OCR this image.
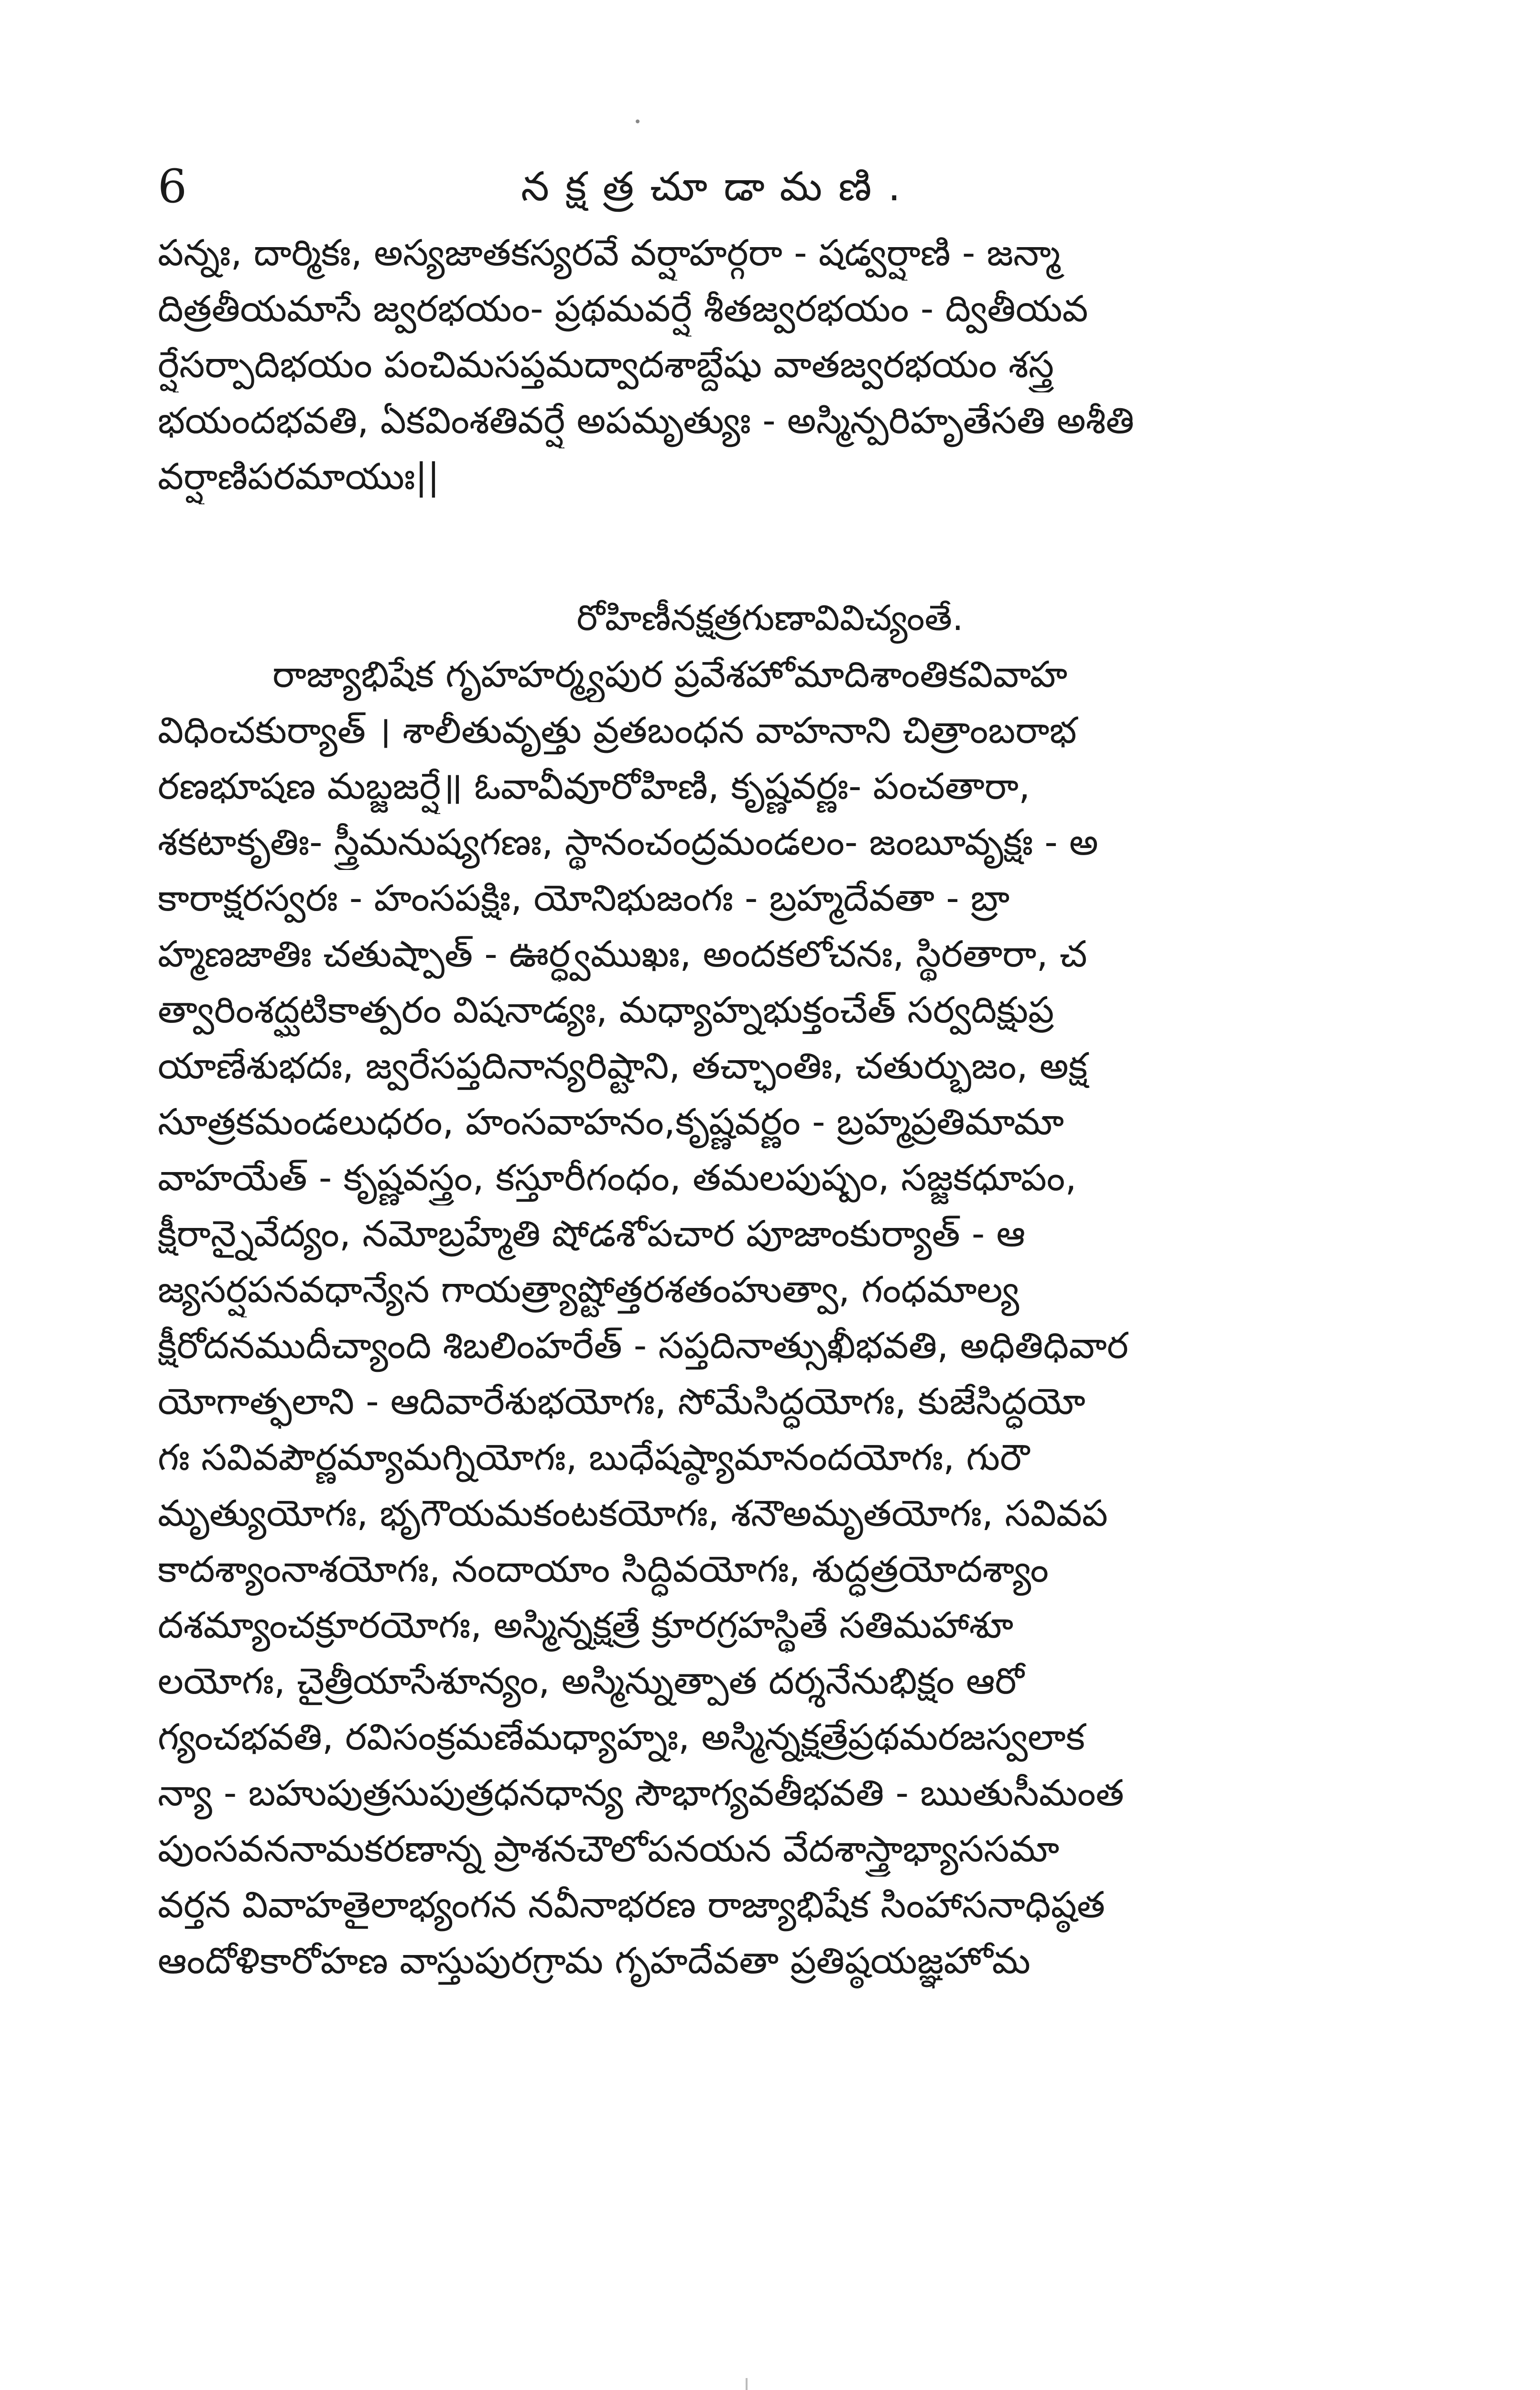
6	నక్షత్రచూడామణి.
పన్నః, దార్మికః, అస్యజాతకస్యరవే వర్షాహర్గరా - షడ్వర్షాణి - జన్మా
దిత్రతీయమాసే జ్వరభయం- ప్రథమవర్షే శీతజ్వరభయం - ద్వితీయవ
ర్షేసర్పాదిభయం పంచిమసప్తమద్వాదశాబ్దేషు వాతజ్వరభయం శస్త్ర
భయందభవతి, ఏకవింశతివర్షే అపమృత్యుః - అస్మిన్పరిహృతేసతి అశీతి
వర్షాణిపరమాయుః||
రోహిణీనక్షత్రగుణావివిచ్యంతే.
రాజ్యాభిషేక గృహహర్మ్యపుర ప్రవేశహోమాదిశాంతికవివాహ
విధించకుర్యాత్ । శాలీతువృత్తు వ్రతబంధన వాహనాని చిత్రాంబరాభ
రణభూషణ మబ్జజర్షే॥ ఓవావీవూరోహిణి, కృష్ణవర్ణః- పంచతారా,
శకటాకృతిః- స్త్రీమనుష్యగణః, స్థానంచంద్రమండలం- జంబూవృక్షః - అ
కారాక్షరస్వరః - హంసపక్షిః, యోనిభుజంగః - బ్రహ్మదేవతా - బ్రా
హ్మణజాతిః చతుష్పాత్ - ఊర్ధ్వముఖః, అందకలోచనః, స్థిరతారా, చ
త్వారింశద్ఘటికాత్పరం విషనాడ్యః, మధ్యాహ్నభుక్తంచేత్ సర్వదిక్షుప్ర
యాణేశుభదః, జ్వరేసప్తదినాన్యరిష్టాని, తచ్ఛాంతిః, చతుర్భుజం, అక్ష
సూత్రకమండలుధరం, హంసవాహనం,కృష్ణవర్ణం - బ్రహ్మప్రతిమామా
వాహయేత్ - కృష్ణవస్త్రం, కస్తూరీగంధం, తమలపుష్పం, సజ్జకధూపం,
క్షీరాన్నైవేద్యం, నమోబ్రహ్మేతి షోడశోపచార పూజాంకుర్యాత్ - ఆ
జ్యసర్షపనవధాన్యేన గాయత్ర్యాష్టోత్తరశతంహుత్వా, గంధమాల్య
క్షీరోదనముదీచ్యాంది శిబలింహరేత్ - సప్తదినాత్సుఖీభవతి, అధితిధివార
యోగాత్ఫలాని - ఆదివారేశుభయోగః, సోమేసిద్ధయోగః, కుజేసిద్ధయో
గః సవివపౌర్ణమ్యామగ్నియోగః, బుధేషష్ఠ్యామానందయోగః, గురౌ
మృత్యుయోగః, భృగౌయమకంటకయోగః, శనౌఅమృతయోగః, సవివప
కాదశ్యాంనాశయోగః, నందాయాం సిద్ధివయోగః, శుద్ధత్రయోదశ్యాం
దశమ్యాంచక్రూరయోగః, అస్మిన్నక్షత్రే క్రూరగ్రహస్థితే సతిమహాశూ
లయోగః, చైత్రీయాసేశూన్యం, అస్మిన్నుత్పాత దర్శనేనుభిక్షం ఆరో
గ్యంచభవతి, రవిసంక్రమణేమధ్యాహ్నః, అస్మిన్నక్షత్రేప్రథమరజస్వలాక
న్యా - బహుపుత్రసుపుత్రధనధాన్య సౌభాగ్యవతీభవతి - ఋతుసీమంత
పుంసవననామకరణాన్న ప్రాశనచౌలోపనయన వేదశాస్త్రాభ్యాససమా
వర్తన వివాహతైలాభ్యంగన నవీనాభరణ రాజ్యాభిషేక సింహాసనాధిష్ఠత
ఆందోళికారోహణ వాస్తుపురగ్రామ గృహదేవతా ప్రతిష్ఠయజ్ఞహోమ
